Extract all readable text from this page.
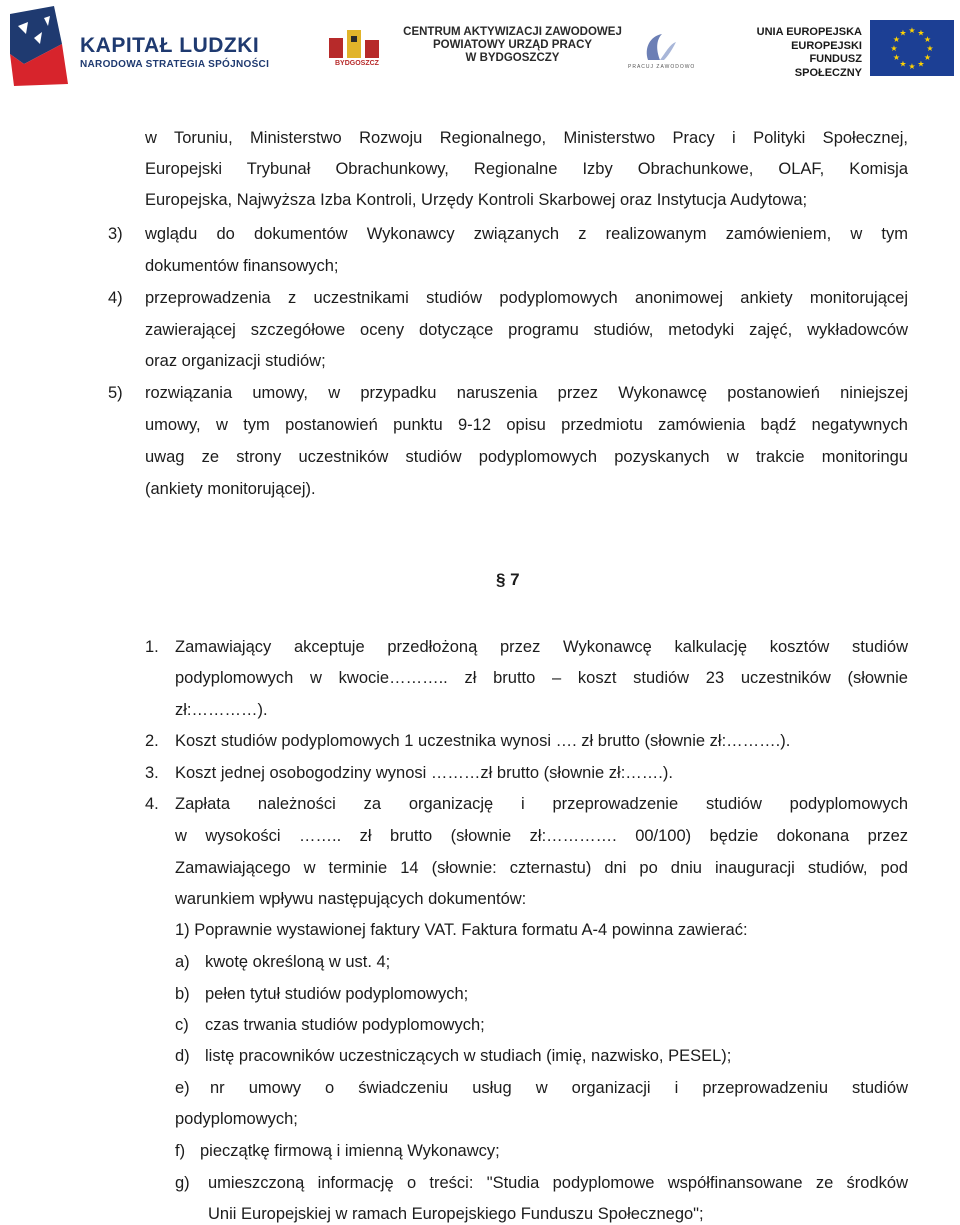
KAPITAŁ LUDZKI
NARODOWA STRATEGIA SPÓJNOŚCI	BYDGOSZCZ
CENTRUM AKTYWIZACJI ZAWODOWEJ
POWIATOWY URZĄD PRACY
W BYDGOSZCZY
PRACUJ ZAWODOWO
UNIA EUROPEJSKA
EUROPEJSKI
FUNDUSZ SPOŁECZNY
★ ★
★
★
★
★
★
★
★
★
★
★
w Toruniu, Ministerstwo Rozwoju Regionalnego, Ministerstwo Pracy i Polityki Społecznej,
Europejski Trybunał Obrachunkowy, Regionalne Izby Obrachunkowe, OLAF, Komisja
Europejska, Najwyższa Izba Kontroli, Urzędy Kontroli Skarbowej oraz Instytucja Audytowa;
3) wglądu do dokumentów Wykonawcy związanych z realizowanym zamówieniem, w tym
dokumentów finansowych;
4) przeprowadzenia z uczestnikami studiów podyplomowych anonimowej ankiety monitorującej
zawierającej szczegółowe oceny dotyczące programu studiów, metodyki zajęć, wykładowców
oraz organizacji studiów;
5) rozwiązania umowy, w przypadku naruszenia przez Wykonawcę postanowień niniejszej
umowy, w tym postanowień punktu 9-12 opisu przedmiotu zamówienia bądź negatywnych
uwag ze strony uczestników studiów podyplomowych pozyskanych w trakcie monitoringu
(ankiety monitorującej).
§ 7
1. Zamawiający akceptuje przedłożoną przez Wykonawcę kalkulację kosztów studiów
podyplomowych w kwocie……….. zł brutto – koszt studiów 23 uczestników (słownie
zł:…………).
2. Koszt studiów podyplomowych 1 uczestnika wynosi …. zł brutto (słownie zł:……….).
3. Koszt jednej osobogodziny wynosi ………zł brutto (słownie zł:…….).
4. Zapłata należności za organizację i przeprowadzenie studiów podyplomowych
w wysokości …….. zł brutto (słownie zł:…………. 00/100) będzie dokonana przez
Zamawiającego w terminie 14 (słownie: czternastu) dni po dniu inauguracji studiów, pod
warunkiem wpływu następujących dokumentów:
1) Poprawnie wystawionej faktury VAT. Faktura formatu A-4 powinna zawierać:
a) kwotę określoną w ust. 4;
b) pełen tytuł studiów podyplomowych;
c) czas trwania studiów podyplomowych;
d) listę pracowników uczestniczących w studiach (imię, nazwisko, PESEL);
e) nr umowy o świadczeniu usług w organizacji i przeprowadzeniu studiów
podyplomowych;
f) pieczątkę firmową i imienną Wykonawcy;
g) umieszczoną informację o treści: "Studia podyplomowe współfinansowane ze środków
Unii Europejskiej w ramach Europejskiego Funduszu Społecznego";
